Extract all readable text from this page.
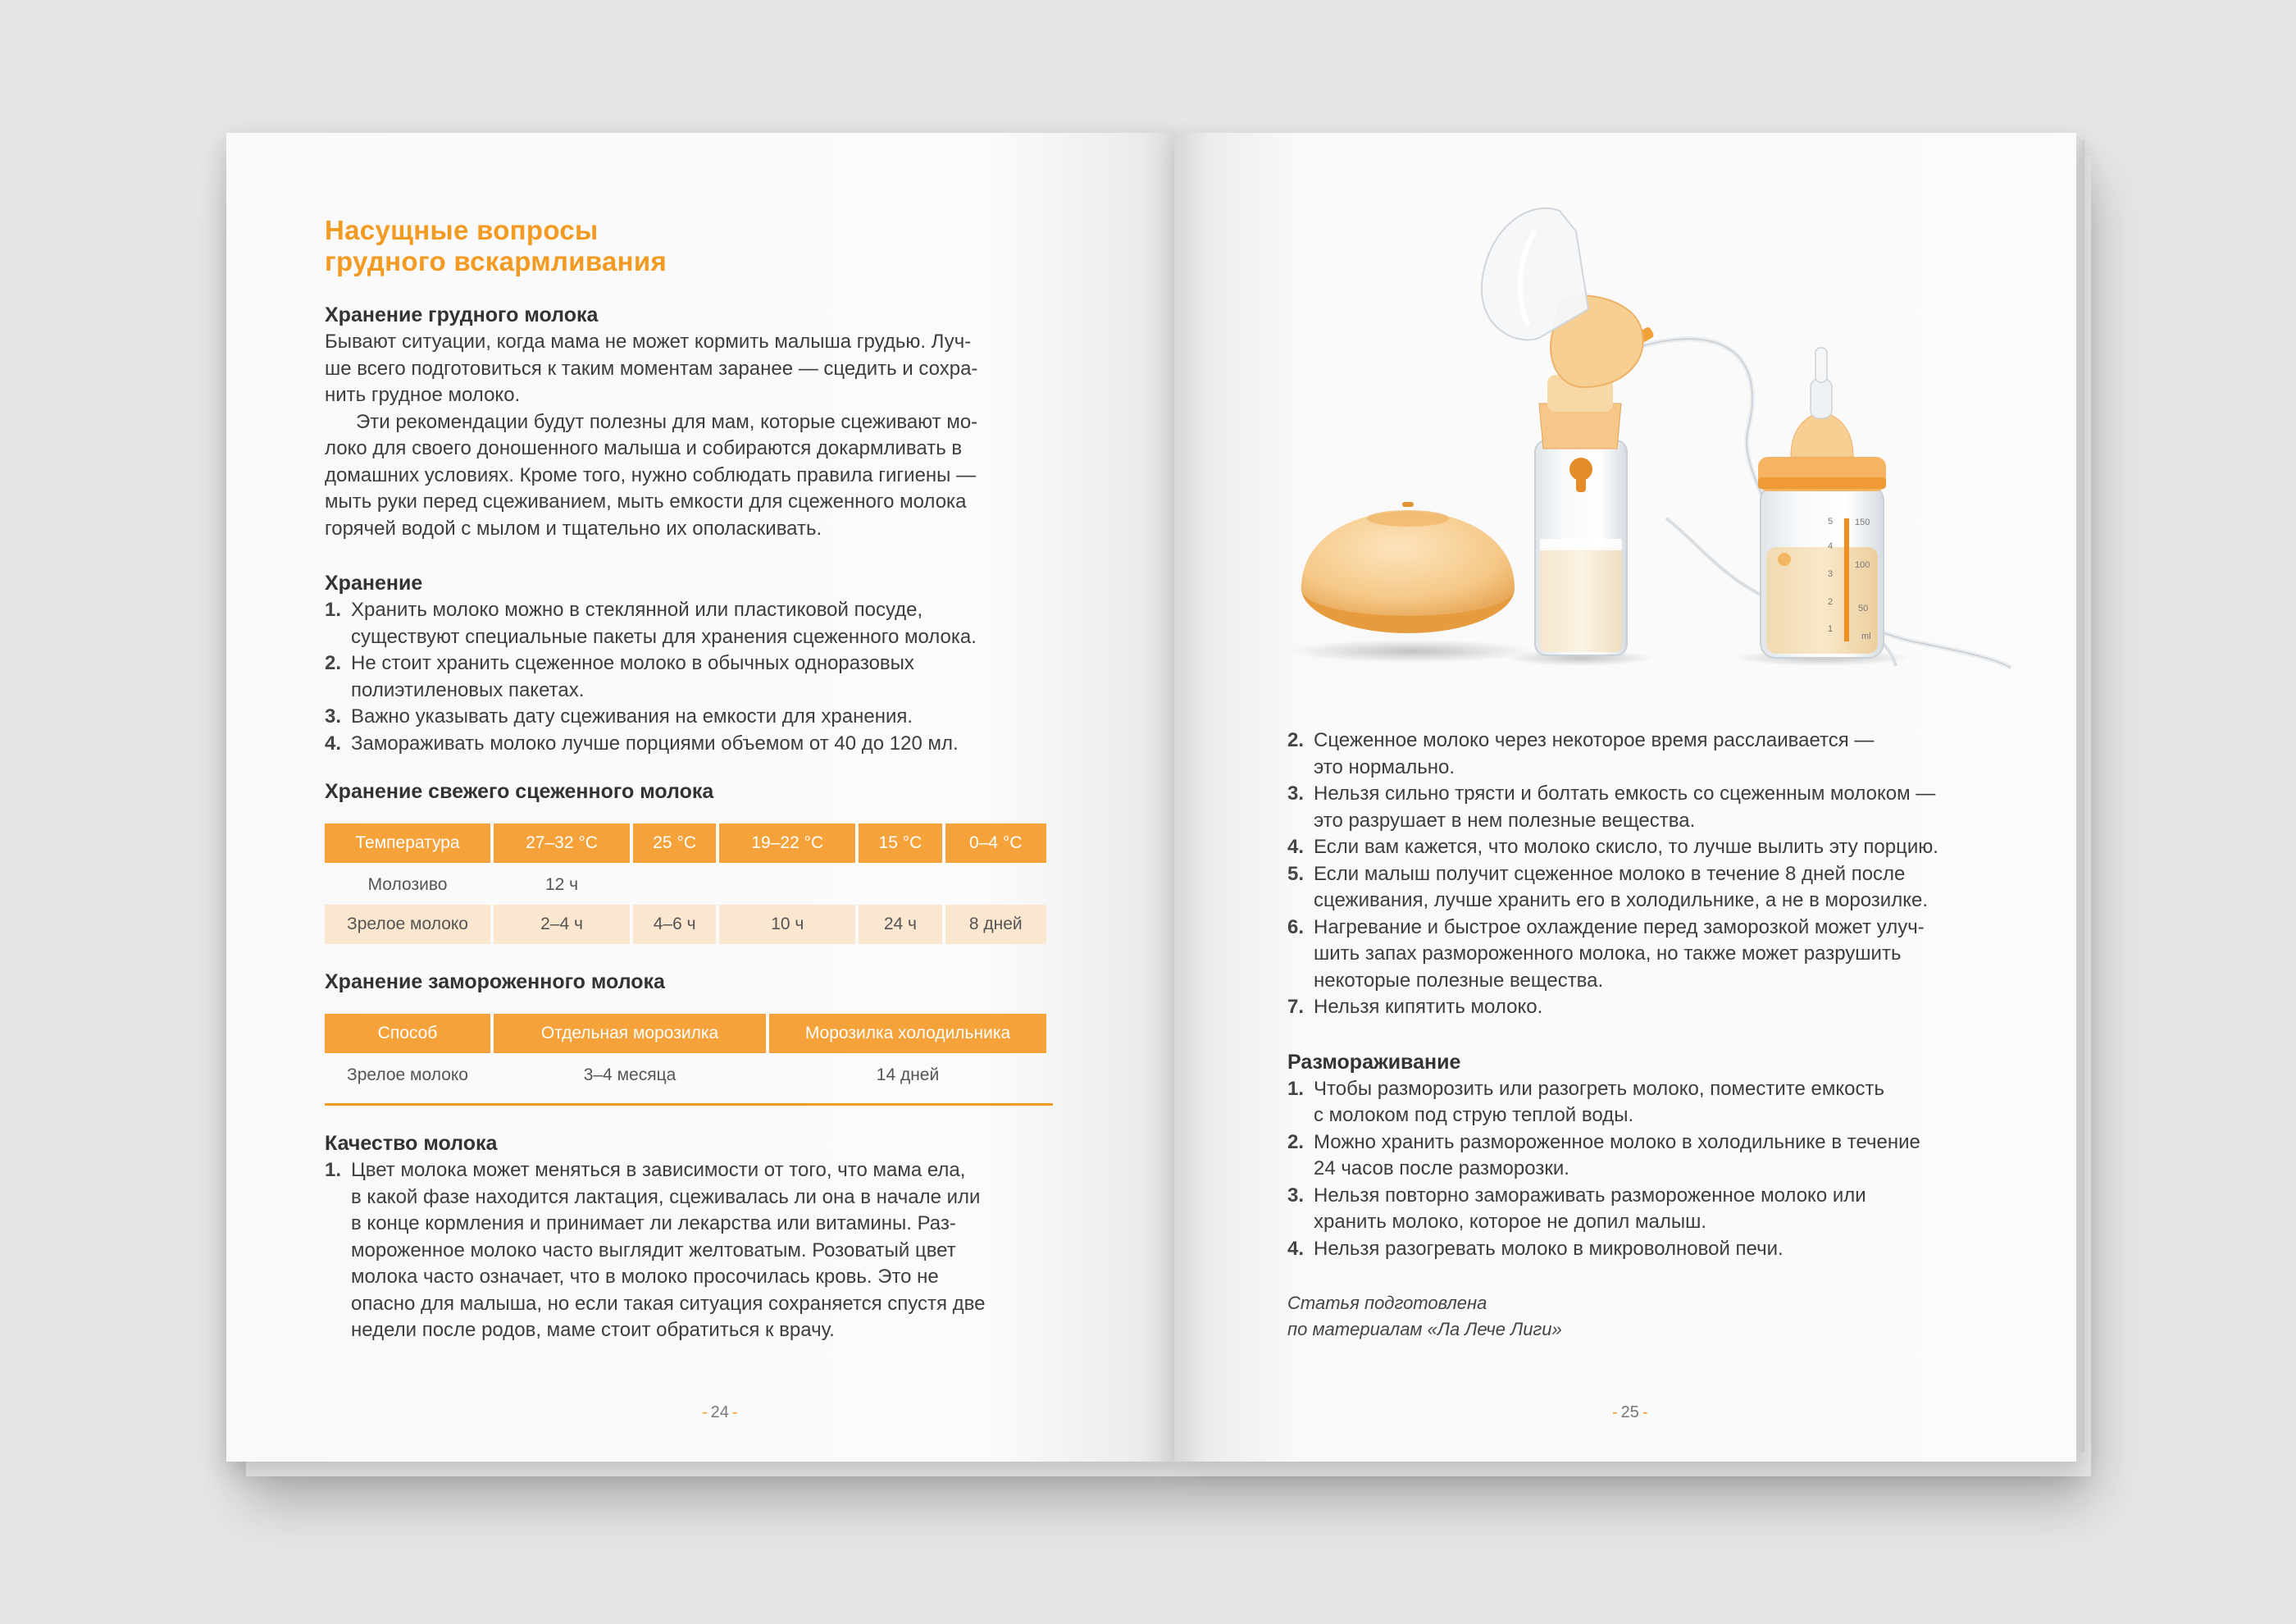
Насущные вопросы
грудного вскармливания
Хранение грудного молока
Бывают ситуации, когда мама не может кормить малыша грудью. Луч-
ше всего подготовиться к таким моментам заранее — сцедить и сохра-
нить грудное молоко.
Эти рекомендации будут полезны для мам, которые сцеживают мо-
локо для своего доношенного малыша и собираются докармливать в
домашних условиях. Кроме того, нужно соблюдать правила гигиены —
мыть руки перед сцеживанием, мыть емкости для сцеженного молока
горячей водой с мылом и тщательно их ополаскивать.
Хранение
1. Хранить молоко можно в стеклянной или пластиковой посуде,
существуют специальные пакеты для хранения сцеженного молока.
2. Не стоит хранить сцеженное молоко в обычных одноразовых
полиэтиленовых пакетах.
3. Важно указывать дату сцеживания на емкости для хранения.
4. Замораживать молоко лучше порциями объемом от 40 до 120 мл.
Хранение свежего сцеженного молока
Температура	27–32 °С	25 °С	19–22 °С	15 °С	0–4 °С
Молозиво	12 ч				
Зрелое молоко	2–4 ч	4–6 ч	10 ч	24 ч	8 дней
Хранение замороженного молока
Способ	Отдельная морозилка	Морозилка холодильника
Зрелое молоко	3–4 месяца	14 дней
Качество молока
1. Цвет молока может меняться в зависимости от того, что мама ела,
в какой фазе находится лактация, сцеживалась ли она в начале или
в конце кормления и принимает ли лекарства или витамины. Раз-
мороженное молоко часто выглядит желтоватым. Розоватый цвет
молока часто означает, что в молоко просочилась кровь. Это не
опасно для малыша, но если такая ситуация сохраняется спустя две
недели после родов, маме стоит обратиться к врачу.
- 24 -
5
4
3
2
1
150
100
50
ml
2. Сцеженное молоко через некоторое время расслаивается —
это нормально.
3. Нельзя сильно трясти и болтать емкость со сцеженным молоком —
это разрушает в нем полезные вещества.
4. Если вам кажется, что молоко скисло, то лучше вылить эту порцию.
5. Если малыш получит сцеженное молоко в течение 8 дней после
сцеживания, лучше хранить его в холодильнике, а не в морозилке.
6. Нагревание и быстрое охлаждение перед заморозкой может улуч-
шить запах размороженного молока, но также может разрушить
некоторые полезные вещества.
7. Нельзя кипятить молоко.
Размораживание
1. Чтобы разморозить или разогреть молоко, поместите емкость
с молоком под струю теплой воды.
2. Можно хранить размороженное молоко в холодильнике в течение
24 часов после разморозки.
3. Нельзя повторно замораживать размороженное молоко или
хранить молоко, которое не допил малыш.
4. Нельзя разогревать молоко в микроволновой печи.
Статья подготовлена
по материалам «Ла Лече Лиги»
- 25 -
